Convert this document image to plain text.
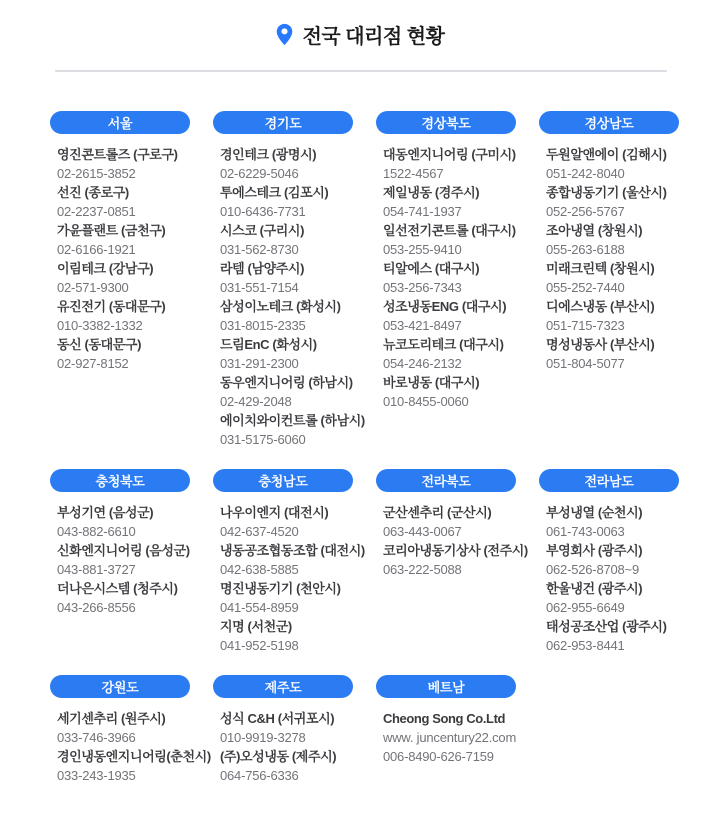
전국 대리점 현황
서울
영진콘트롤즈 (구로구)
02-2615-3852
선진 (종로구)
02-2237-0851
가윤플랜트 (금천구)
02-6166-1921
이림테크 (강남구)
02-571-9300
유진전기 (동대문구)
010-3382-1332
동신 (동대문구)
02-927-8152
경기도
경인테크 (광명시)
02-6229-5046
투에스테크 (김포시)
010-6436-7731
시스코 (구리시)
031-562-8730
라템 (남양주시)
031-551-7154
삼성이노테크 (화성시)
031-8015-2335
드림EnC (화성시)
031-291-2300
동우엔지니어링 (하남시)
02-429-2048
에이치와이컨트롤 (하남시)
031-5175-6060
경상북도
대동엔지니어링 (구미시)
1522-4567
제일냉동 (경주시)
054-741-1937
일선전기콘트롤 (대구시)
053-255-9410
티알에스 (대구시)
053-256-7343
성조냉동ENG (대구시)
053-421-8497
뉴코도리테크 (대구시)
054-246-2132
바로냉동 (대구시)
010-8455-0060
경상남도
두원알앤에이 (김해시)
051-242-8040
종합냉동기기 (울산시)
052-256-5767
조아냉열 (창원시)
055-263-6188
미래크린텍 (창원시)
055-252-7440
디에스냉동 (부산시)
051-715-7323
명성냉동사 (부산시)
051-804-5077
충청북도
부성기연 (음성군)
043-882-6610
신화엔지니어링 (음성군)
043-881-3727
더나은시스템 (청주시)
043-266-8556
충청남도
나우이엔지 (대전시)
042-637-4520
냉동공조협동조합 (대전시)
042-638-5885
명진냉동기기 (천안시)
041-554-8959
지명 (서천군)
041-952-5198
전라북도
군산센추리 (군산시)
063-443-0067
코리아냉동기상사 (전주시)
063-222-5088
전라남도
부성냉열 (순천시)
061-743-0063
부영회사 (광주시)
062-526-8708~9
한울냉건 (광주시)
062-955-6649
태성공조산업 (광주시)
062-953-8441
강원도
세기센추리 (원주시)
033-746-3966
경인냉동엔지니어링(춘천시)
033-243-1935
제주도
성식 C&H (서귀포시)
010-9919-3278
(주)오성냉동 (제주시)
064-756-6336
베트남
Cheong Song Co.Ltd
www. juncentury22.com
006-8490-626-7159
